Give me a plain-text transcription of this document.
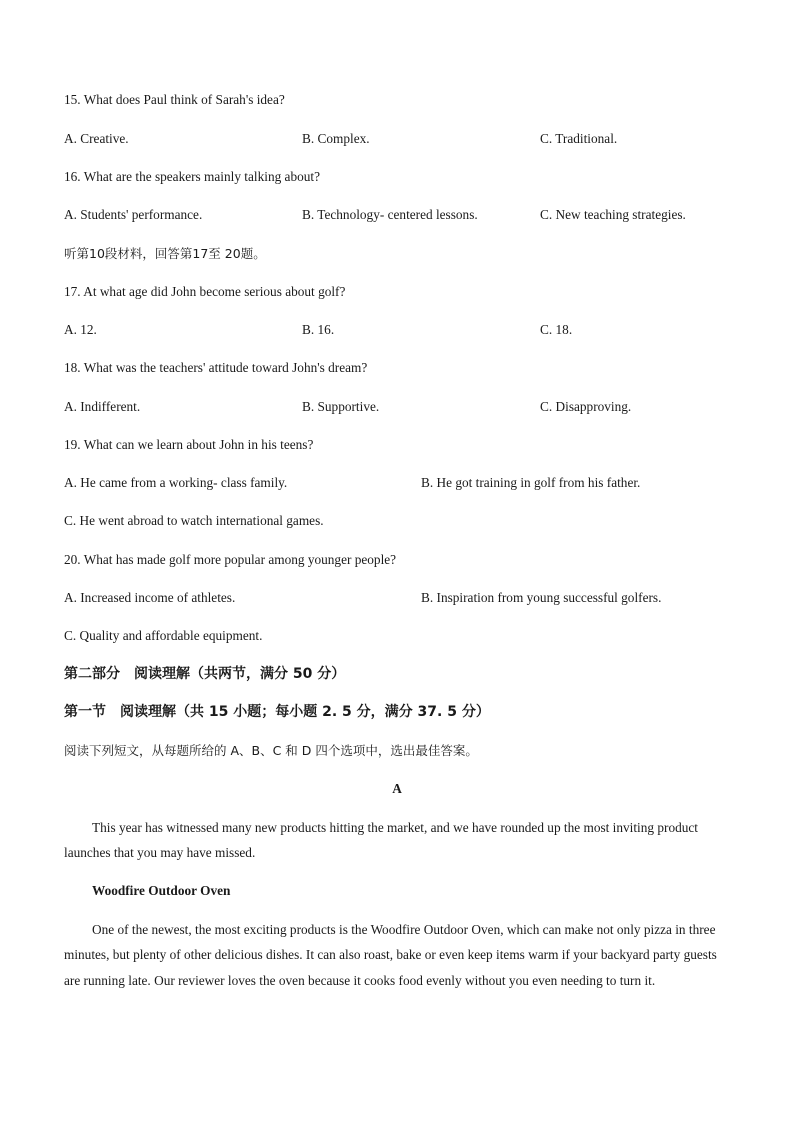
15. What does Paul think of Sarah's idea?
A. Creative.	B. Complex.	C. Traditional.
16. What are the speakers mainly talking about?
A. Students' performance.	B. Technology- centered lessons.	C. New teaching strategies.
听第10段材料，回答第17至 20题。
17. At what age did John become serious about golf?
A. 12.	B. 16.	C. 18.
18. What was the teachers' attitude toward John's dream?
A. Indifferent.	B. Supportive.	C. Disapproving.
19. What can we learn about John in his teens?
A. He came from a working- class family.	B. He got training in golf from his father.
C. He went abroad to watch international games.
20. What has made golf more popular among younger people?
A. Increased income of athletes.	B. Inspiration from young successful golfers.
C. Quality and affordable equipment.
第二部分　阅读理解（共两节，满分 50 分）
第一节　阅读理解（共 15 小题；每小题 2. 5 分，满分 37. 5 分）
阅读下列短文，从每题所给的 A、B、C 和 D 四个选项中，选出最佳答案。
A
This year has witnessed many new products hitting the market, and we have rounded up the most inviting product launches that you may have missed.
Woodfire Outdoor Oven
One of the newest, the most exciting products is the Woodfire Outdoor Oven, which can make not only pizza in three minutes, but plenty of other delicious dishes. It can also roast, bake or even keep items warm if your backyard party guests are running late. Our reviewer loves the oven because it cooks food evenly without you even needing to turn it.
